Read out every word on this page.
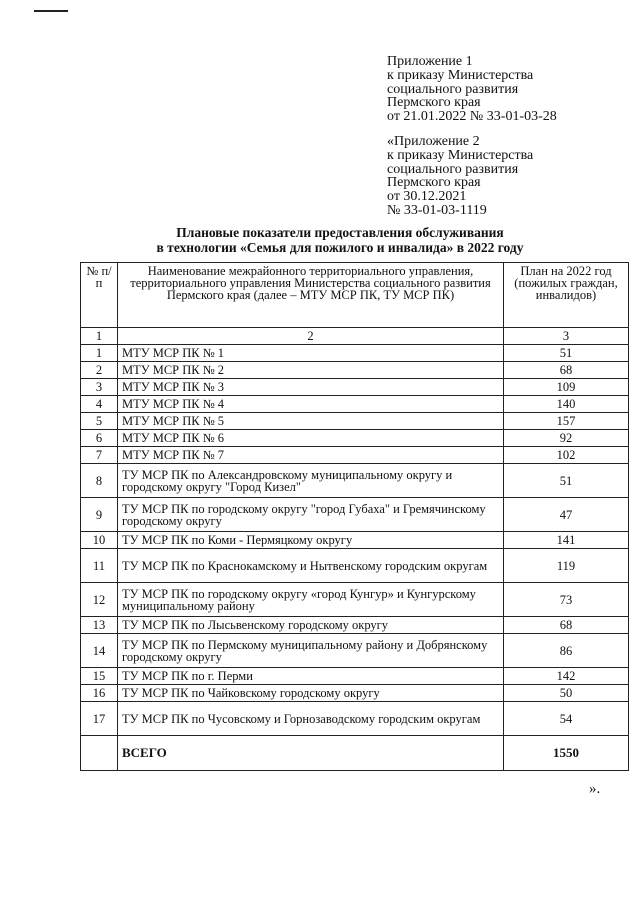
Приложение 1
к приказу Министерства
социального развития
Пермского края
от 21.01.2022 № 33-01-03-28
«Приложение 2
к приказу Министерства
социального развития
Пермского края
от 30.12.2021
№ 33-01-03-1119
Плановые показатели предоставления обслуживания
в технологии «Семья для пожилого и инвалида» в 2022 году
№ п/п	Наименование межрайонного территориального управления, территориального управления Министерства социального развития Пермского края (далее – МТУ МСР ПК, ТУ МСР ПК)	План на 2022 год (пожилых граждан, инвалидов)
1	2	3
1	МТУ МСР ПК № 1	51
2	МТУ МСР ПК № 2	68
3	МТУ МСР ПК № 3	109
4	МТУ МСР ПК № 4	140
5	МТУ МСР ПК № 5	157
6	МТУ МСР ПК № 6	92
7	МТУ МСР ПК № 7	102
8	ТУ МСР ПК по Александровскому муниципальному округу и городскому округу "Город Кизел"	51
9	ТУ МСР ПК по городскому округу "город Губаха" и Гремячинскому городскому округу	47
10	ТУ МСР ПК по Коми - Пермяцкому округу	141
11	ТУ МСР ПК по Краснокамскому и Нытвенскому городским округам	119
12	ТУ МСР ПК по городскому округу «город Кунгур» и Кунгурскому муниципальному району	73
13	ТУ МСР ПК по Лысьвенскому городскому округу	68
14	ТУ МСР ПК по Пермскому муниципальному району и Добрянскому городскому округу	86
15	ТУ МСР ПК по г. Перми	142
16	ТУ МСР ПК по Чайковскому городскому округу	50
17	ТУ МСР ПК по Чусовскому и Горнозаводскому городским округам	54
	ВСЕГО	1550
».
